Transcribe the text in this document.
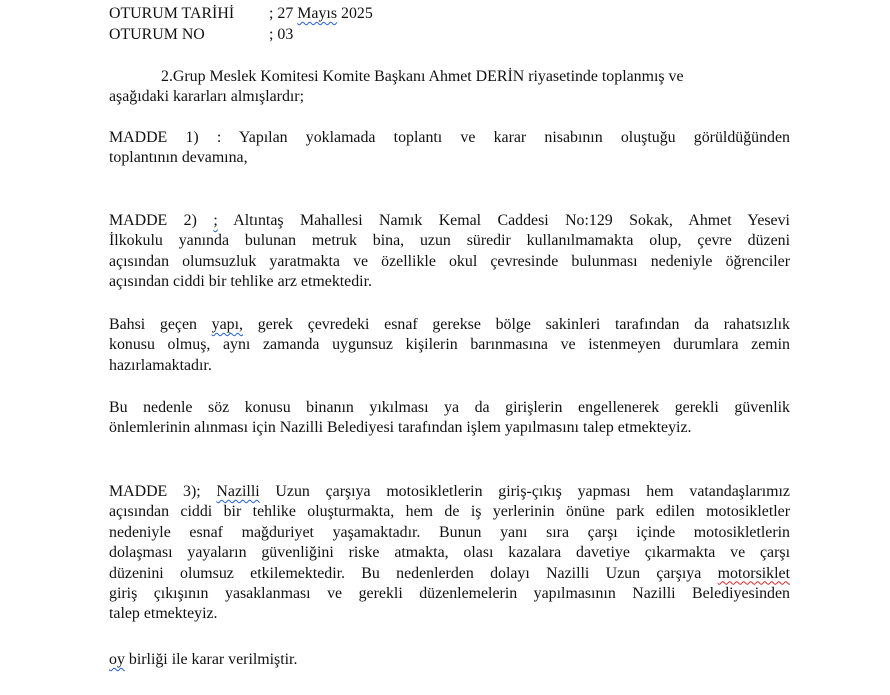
OTURUM TARİHİ ; 27 Mayıs 2025
OTURUM NO	; 03
2.Grup Meslek Komitesi Komite Başkanı Ahmet DERİN riyasetinde toplanmış ve
aşağıdaki kararları almışlardır;
MADDE 1) : Yapılan yoklamada toplantı ve karar nisabının oluştuğu görüldüğünden
toplantının devamına,
MADDE 2) ; Altıntaş Mahallesi Namık Kemal Caddesi No:129 Sokak, Ahmet Yesevi
İlkokulu yanında bulunan metruk bina, uzun süredir kullanılmamakta olup, çevre düzeni
açısından olumsuzluk yaratmakta ve özellikle okul çevresinde bulunması nedeniyle öğrenciler
açısından ciddi bir tehlike arz etmektedir.
Bahsi geçen yapı, gerek çevredeki esnaf gerekse bölge sakinleri tarafından da rahatsızlık
konusu olmuş, aynı zamanda uygunsuz kişilerin barınmasına ve istenmeyen durumlara zemin
hazırlamaktadır.
Bu nedenle söz konusu binanın yıkılması ya da girişlerin engellenerek gerekli güvenlik
önlemlerinin alınması için Nazilli Belediyesi tarafından işlem yapılmasını talep etmekteyiz.
MADDE 3); Nazilli Uzun çarşıya motosikletlerin giriş-çıkış yapması hem vatandaşlarımız
açısından ciddi bir tehlike oluşturmakta, hem de iş yerlerinin önüne park edilen motosikletler
nedeniyle esnaf mağduriyet yaşamaktadır. Bunun yanı sıra çarşı içinde motosikletlerin
dolaşması yayaların güvenliğini riske atmakta, olası kazalara davetiye çıkarmakta ve çarşı
düzenini olumsuz etkilemektedir. Bu nedenlerden dolayı Nazilli Uzun çarşıya motorsiklet
giriş çıkışının yasaklanması ve gerekli düzenlemelerin yapılmasının Nazilli Belediyesinden
talep etmekteyiz.
oy birliği ile karar verilmiştir.
